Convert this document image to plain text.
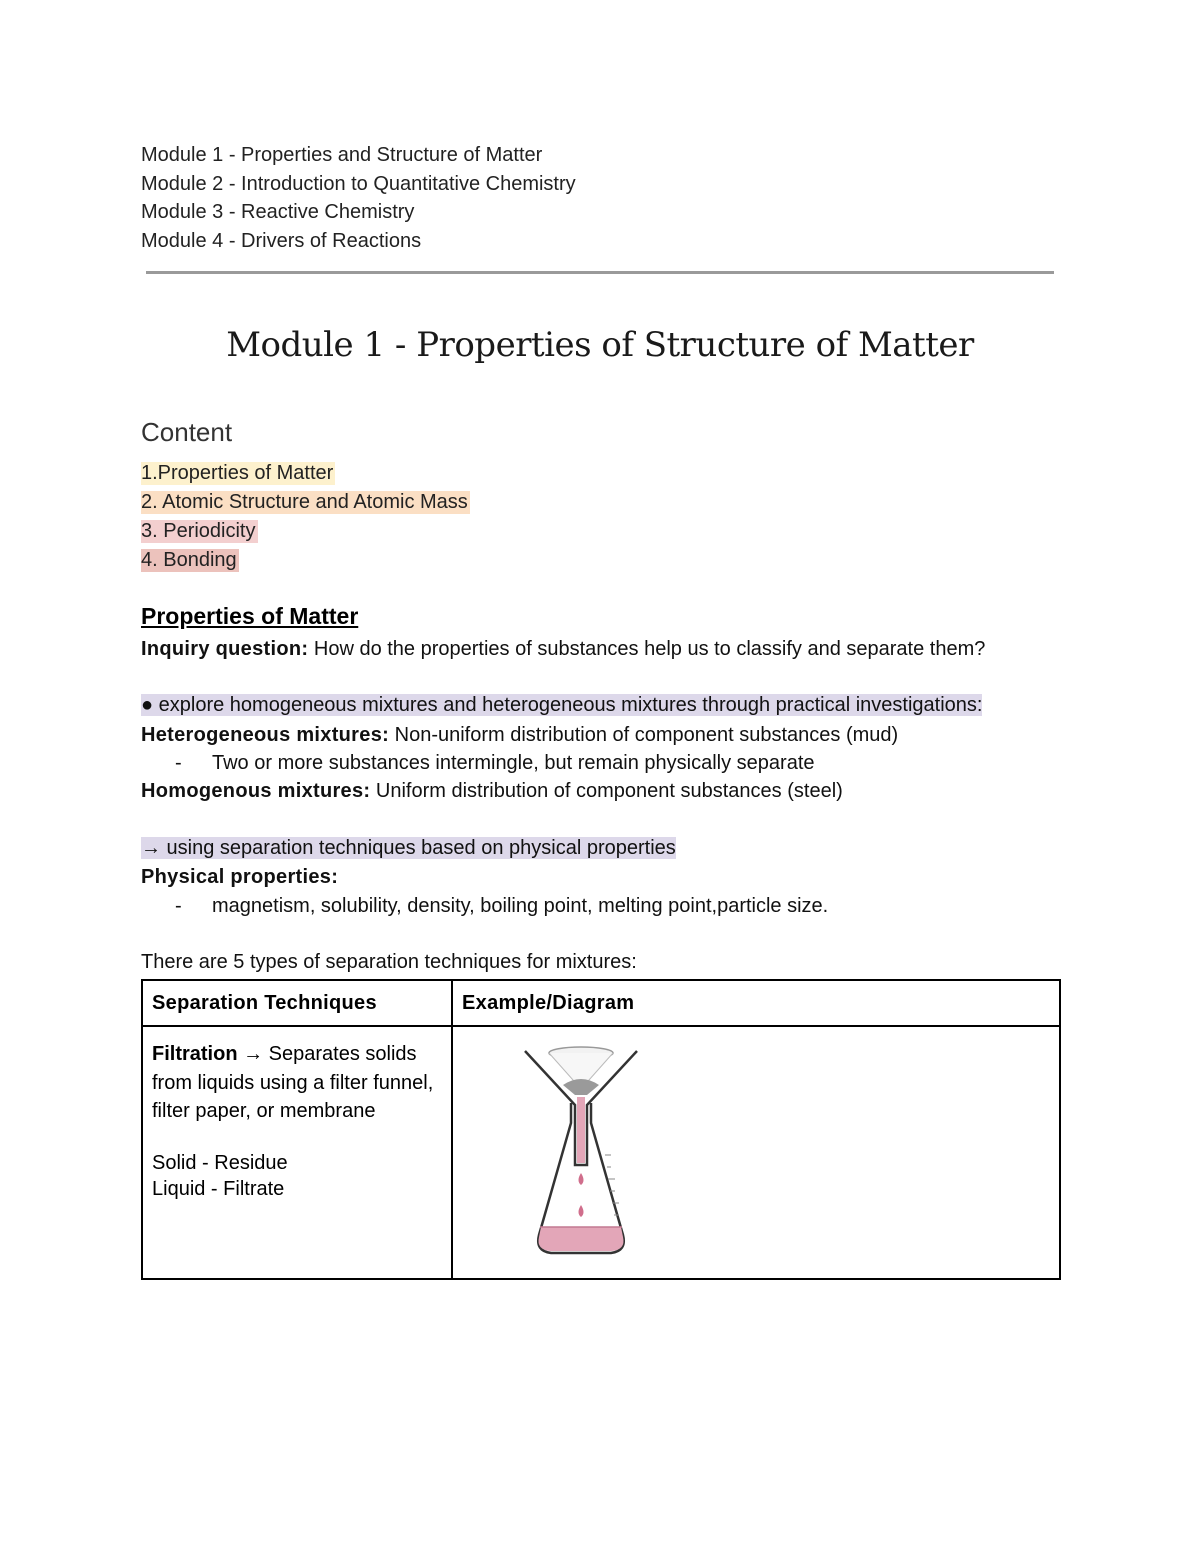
Module 1 - Properties and Structure of Matter
Module 2 - Introduction to Quantitative Chemistry
Module 3 - Reactive Chemistry
Module 4 - Drivers of Reactions
Module 1 - Properties of Structure of Matter
Content
1.Properties of Matter
2. Atomic Structure and Atomic Mass
3. Periodicity
4. Bonding
Properties of Matter
Inquiry question: How do the properties of substances help us to classify and separate them?
● explore homogeneous mixtures and heterogeneous mixtures through practical investigations:
Heterogeneous mixtures: Non-uniform distribution of component substances (mud)
- Two or more substances intermingle, but remain physically separate
Homogenous mixtures: Uniform distribution of component substances (steel)
→ using separation techniques based on physical properties
Physical properties:
- magnetism, solubility, density, boiling point, melting point,particle size.
There are 5 types of separation techniques for mixtures:
Separation Techniques	Example/Diagram

Filtration → Separates solids from liquids using a filter funnel, filter paper, or membrane
Solid - Residue
Liquid - Filtrate
